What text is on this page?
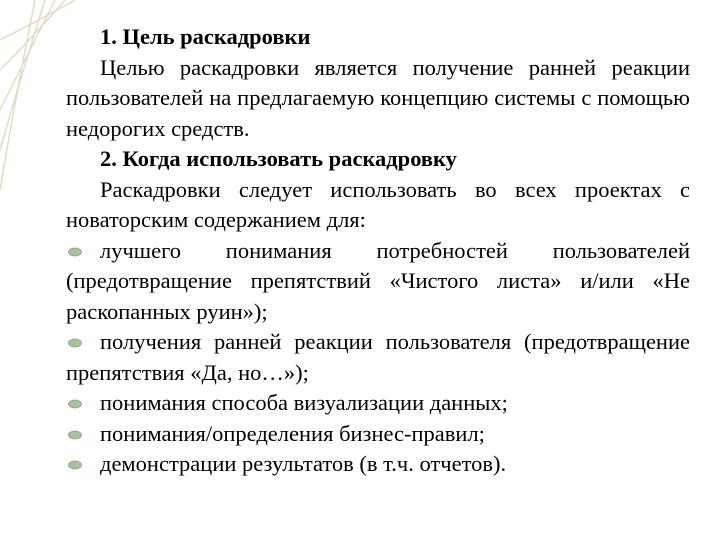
1. Цель раскадровки

Целью раскадровки является получение ранней реакции пользователей на предлагаемую концепцию системы с помощью недорогих средств.

2. Когда использовать раскадровку

Раскадровки следует использовать во всех проектах с новаторским содержанием для:

лучшего понимания потребностей пользователей (предотвращение препятствий «Чистого листа» и/или «Не раскопанных руин»);
получения ранней реакции пользователя (предотвращение препятствия «Да, но…»);
понимания способа визуализации данных;
понимания/определения бизнес-правил;
демонстрации результатов (в т.ч. отчетов).
